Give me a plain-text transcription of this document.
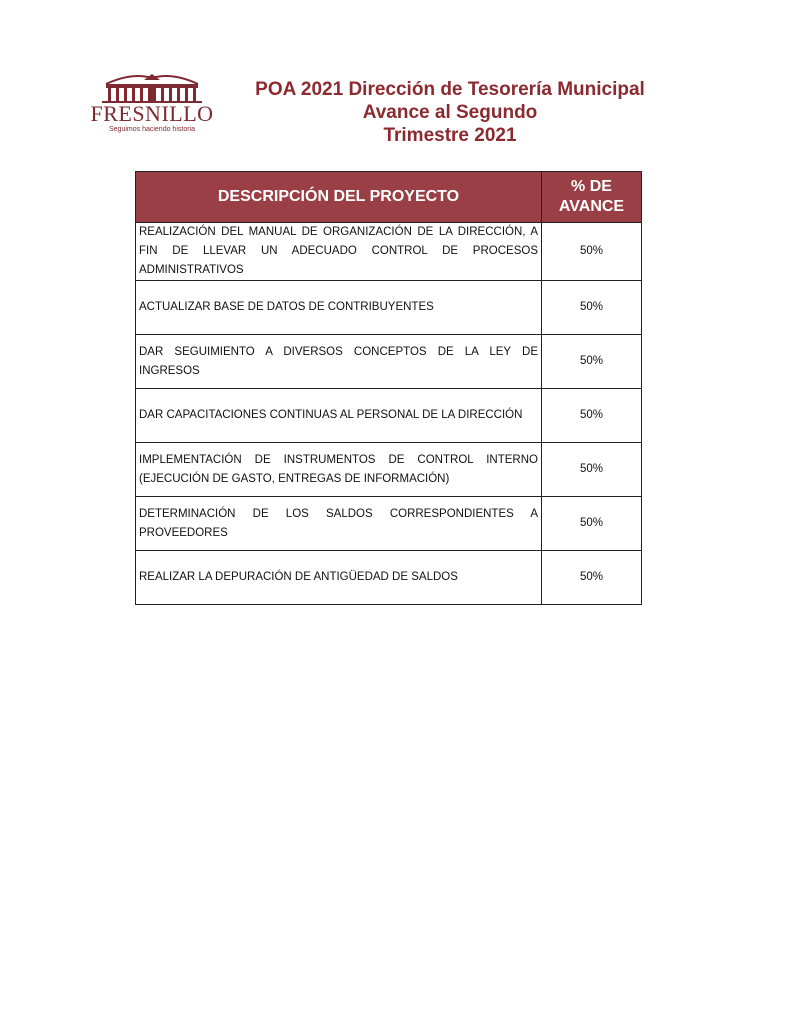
FRESNILLO
Seguimos haciendo historia
POA 2021 Dirección de Tesorería Municipal
Avance al Segundo
Trimestre 2021
DESCRIPCIÓN DEL PROYECTO	% DE
AVANCE

REALIZACIÓN DEL MANUAL DE ORGANIZACIÓN DE LA DIRECCIÓN, A FIN DE LLEVAR UN ADECUADO CONTROL DE PROCESOS ADMINISTRATIVOS	50%
ACTUALIZAR BASE DE DATOS DE CONTRIBUYENTES	50%
DAR SEGUIMIENTO A DIVERSOS CONCEPTOS DE LA LEY DE INGRESOS	50%
DAR CAPACITACIONES CONTINUAS AL PERSONAL DE LA DIRECCIÓN	50%
IMPLEMENTACIÓN DE INSTRUMENTOS DE CONTROL INTERNO (EJECUCIÓN DE GASTO, ENTREGAS DE INFORMACIÓN)	50%
DETERMINACIÓN DE LOS SALDOS CORRESPONDIENTES A PROVEEDORES	50%
REALIZAR LA DEPURACIÓN DE ANTIGÜEDAD DE SALDOS	50%
